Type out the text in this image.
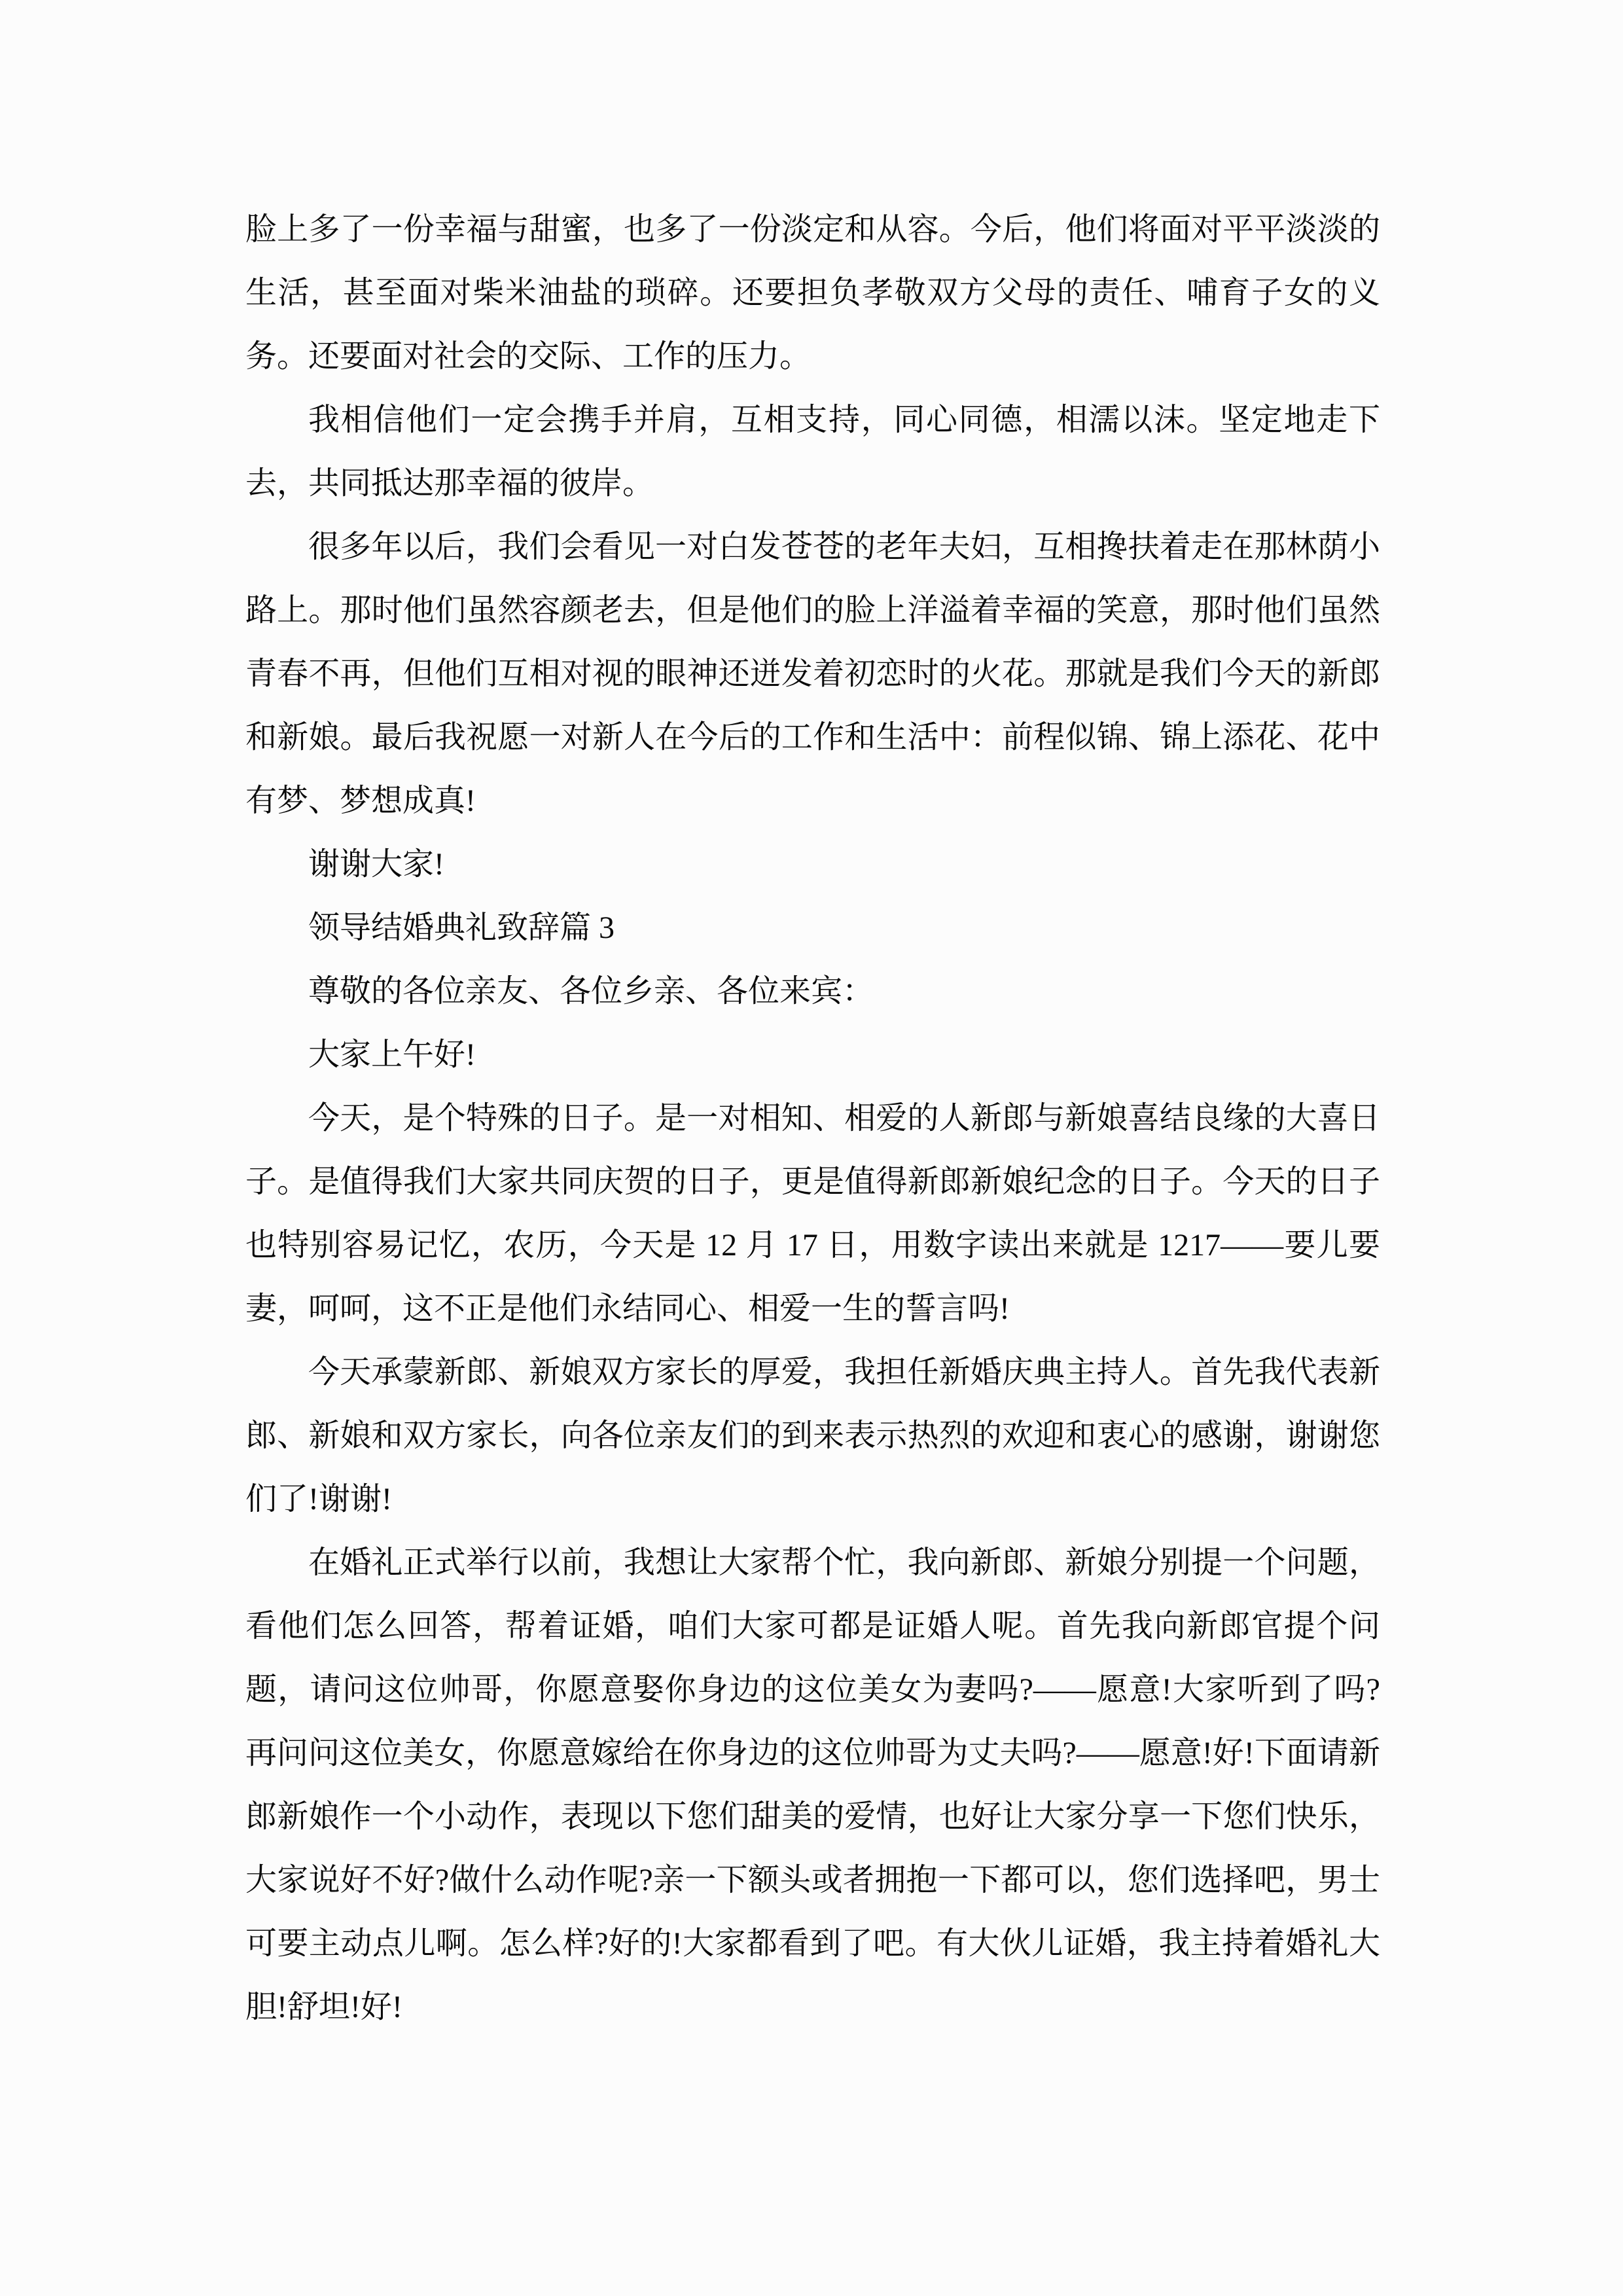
脸上多了一份幸福与甜蜜，也多了一份淡定和从容。今后，他们将面对平平淡淡的生活，甚至面对柴米油盐的琐碎。还要担负孝敬双方父母的责任、哺育子女的义务。还要面对社会的交际、工作的压力。

我相信他们一定会携手并肩，互相支持，同心同德，相濡以沫。坚定地走下去，共同抵达那幸福的彼岸。

很多年以后，我们会看见一对白发苍苍的老年夫妇，互相搀扶着走在那林荫小路上。那时他们虽然容颜老去，但是他们的脸上洋溢着幸福的笑意，那时他们虽然青春不再，但他们互相对视的眼神还迸发着初恋时的火花。那就是我们今天的新郎和新娘。最后我祝愿一对新人在今后的工作和生活中：前程似锦、锦上添花、花中有梦、梦想成真!

谢谢大家!

领导结婚典礼致辞篇 3

尊敬的各位亲友、各位乡亲、各位来宾：

大家上午好!

今天，是个特殊的日子。是一对相知、相爱的人新郎与新娘喜结良缘的大喜日子。是值得我们大家共同庆贺的日子，更是值得新郎新娘纪念的日子。今天的日子也特别容易记忆，农历，今天是 12 月 17 日，用数字读出来就是 1217——要儿要妻，呵呵，这不正是他们永结同心、相爱一生的誓言吗!

今天承蒙新郎、新娘双方家长的厚爱，我担任新婚庆典主持人。首先我代表新郎、新娘和双方家长，向各位亲友们的到来表示热烈的欢迎和衷心的感谢，谢谢您们了!谢谢!

在婚礼正式举行以前，我想让大家帮个忙，我向新郎、新娘分别提一个问题，看他们怎么回答，帮着证婚，咱们大家可都是证婚人呢。首先我向新郎官提个问题，请问这位帅哥，你愿意娶你身边的这位美女为妻吗?——愿意!大家听到了吗?再问问这位美女，你愿意嫁给在你身边的这位帅哥为丈夫吗?——愿意!好!下面请新郎新娘作一个小动作，表现以下您们甜美的爱情，也好让大家分享一下您们快乐，大家说好不好?做什么动作呢?亲一下额头或者拥抱一下都可以，您们选择吧，男士可要主动点儿啊。怎么样?好的!大家都看到了吧。有大伙儿证婚，我主持着婚礼大胆!舒坦!好!
